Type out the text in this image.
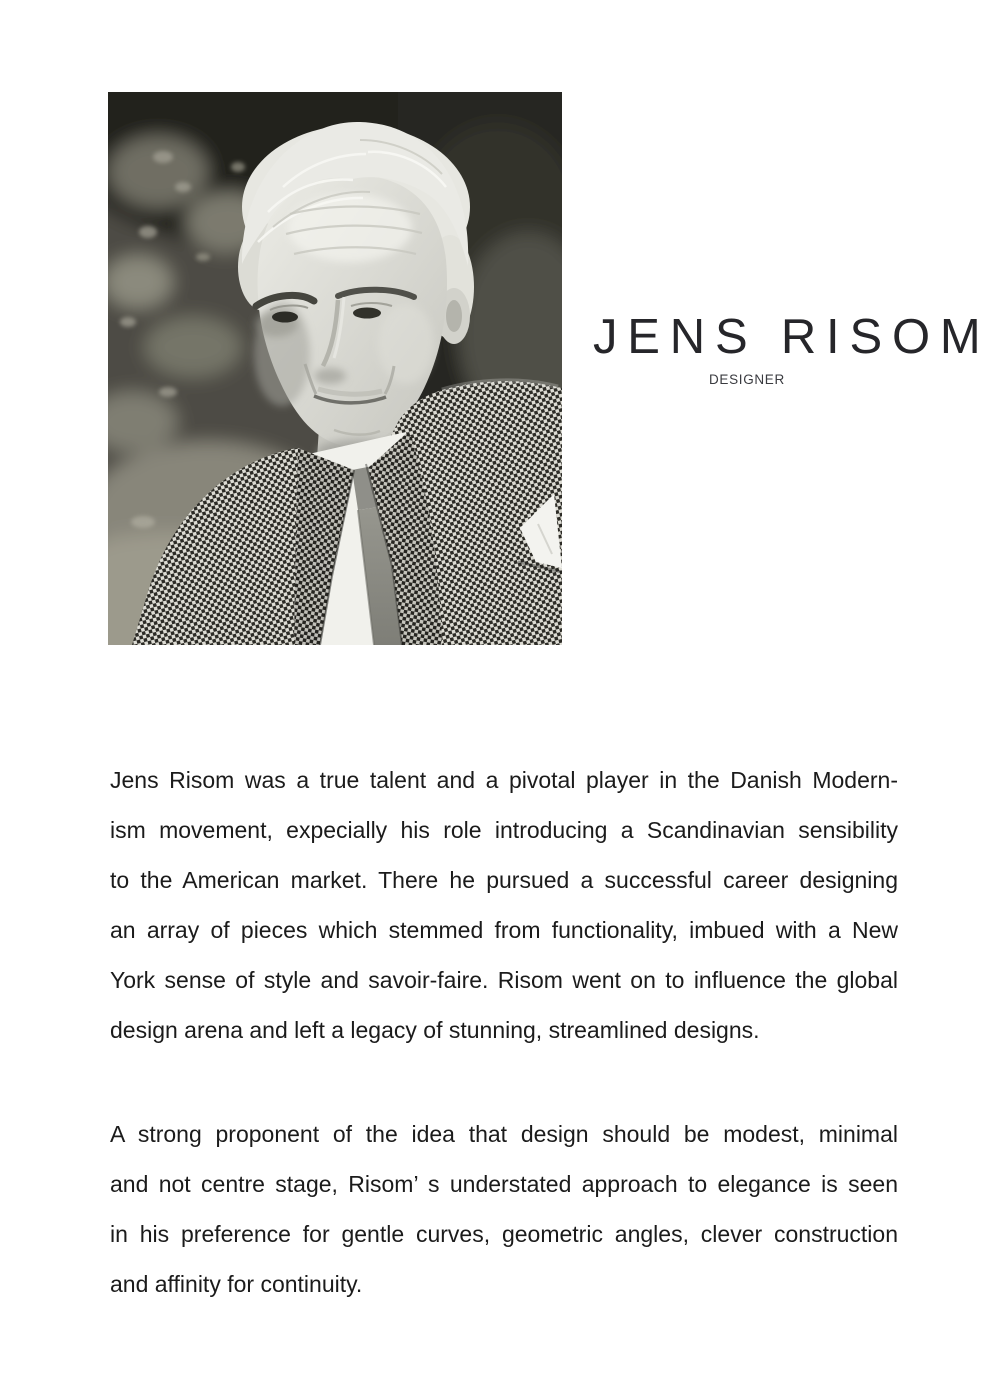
JENS RISOM
DESIGNER
Jens Risom was a true talent and a pivotal player in the Danish Modern-
ism movement, expecially his role introducing a Scandinavian sensibility
to the American market. There he pursued a successful career designing
an array of pieces which stemmed from functionality, imbued with a New
York sense of style and savoir-faire. Risom went on to influence the global
design arena and left a legacy of stunning, streamlined designs.
A strong proponent of the idea that design should be modest, minimal
and not centre stage, Risom’ s understated approach to elegance is seen
in his preference for gentle curves, geometric angles, clever construction
and affinity for continuity.
